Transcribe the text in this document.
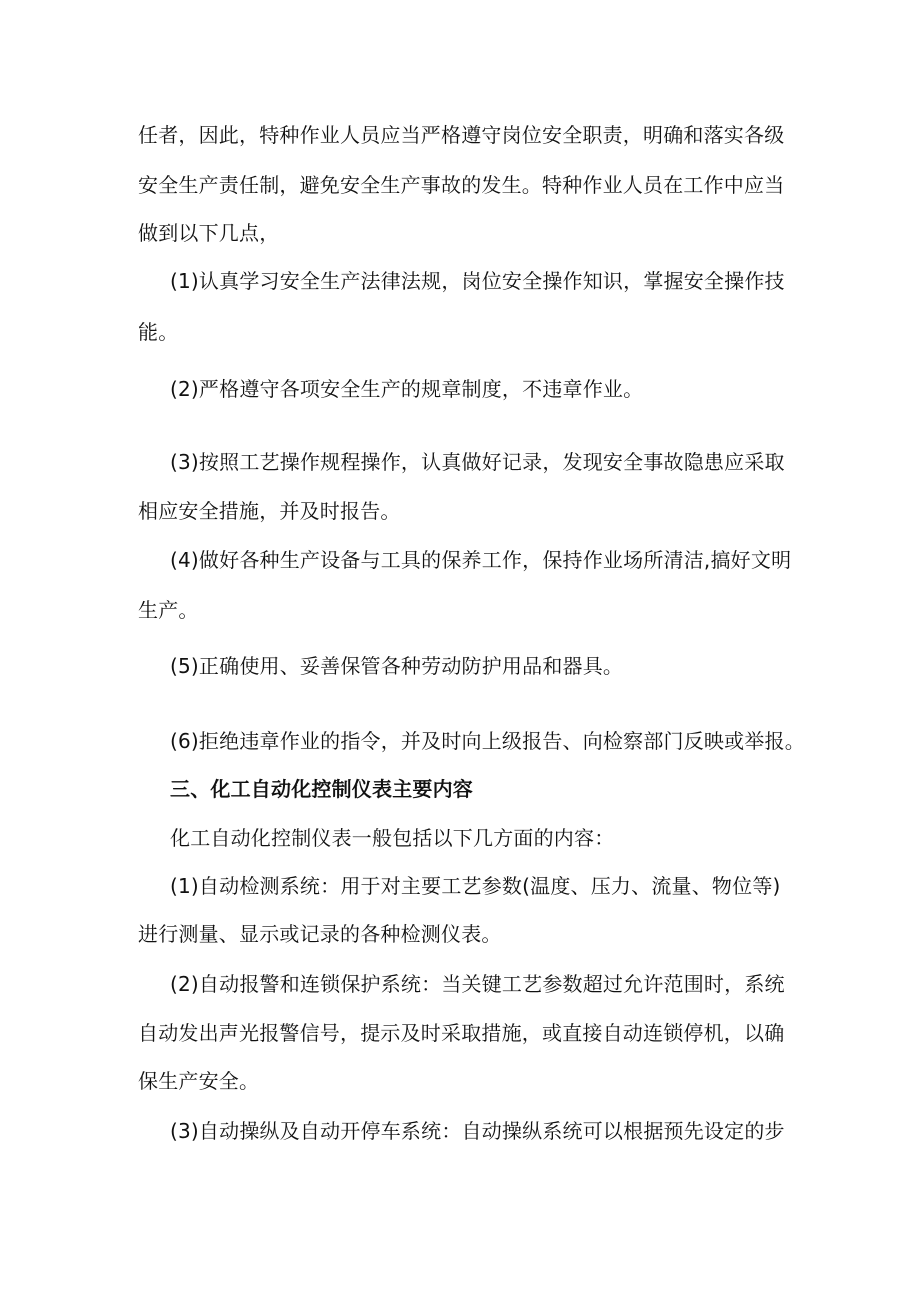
任者，因此，特种作业人员应当严格遵守岗位安全职责，明确和落实各级
安全生产责任制，避免安全生产事故的发生。特种作业人员在工作中应当
做到以下几点，
(1)认真学习安全生产法律法规，岗位安全操作知识，掌握安全操作技
能。
(2)严格遵守各项安全生产的规章制度，不违章作业。
(3)按照工艺操作规程操作，认真做好记录，发现安全事故隐患应采取
相应安全措施，并及时报告。
(4)做好各种生产设备与工具的保养工作，保持作业场所清洁,搞好文明
生产。
(5)正确使用、妥善保管各种劳动防护用品和器具。
(6)拒绝违章作业的指令，并及时向上级报告、向检察部门反映或举报。
三、化工自动化控制仪表主要内容
化工自动化控制仪表一般包括以下几方面的内容：
(1)自动检测系统：用于对主要工艺参数(温度、压力、流量、物位等)
进行测量、显示或记录的各种检测仪表。
(2)自动报警和连锁保护系统：当关键工艺参数超过允许范围时，系统
自动发出声光报警信号，提示及时采取措施，或直接自动连锁停机，以确
保生产安全。
(3)自动操纵及自动开停车系统：自动操纵系统可以根据预先设定的步
